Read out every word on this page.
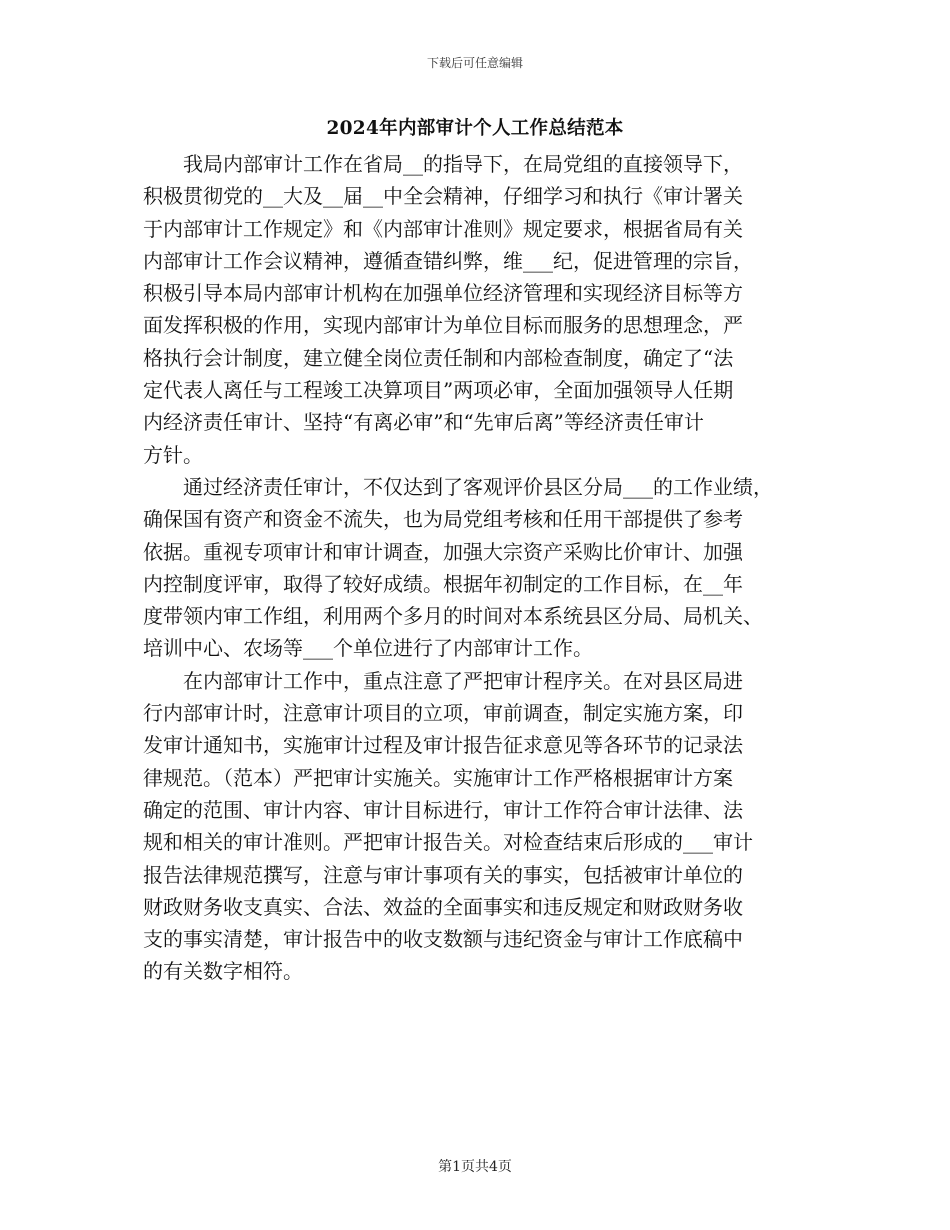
下载后可任意编辑
2024年内部审计个人工作总结范本
我局内部审计工作在省局__的指导下，在局党组的直接领导下，
积极贯彻党的__大及__届__中全会精神，仔细学习和执行《审计署关
于内部审计工作规定》和《内部审计准则》规定要求，根据省局有关
内部审计工作会议精神，遵循查错纠弊，维___纪，促进管理的宗旨，
积极引导本局内部审计机构在加强单位经济管理和实现经济目标等方
面发挥积极的作用，实现内部审计为单位目标而服务的思想理念，严
格执行会计制度，建立健全岗位责任制和内部检查制度，确定了“法
定代表人离任与工程竣工决算项目”两项必审，全面加强领导人任期
内经济责任审计、坚持“有离必审”和“先审后离”等经济责任审计
方针。
通过经济责任审计，不仅达到了客观评价县区分局___的工作业绩，
确保国有资产和资金不流失，也为局党组考核和任用干部提供了参考
依据。重视专项审计和审计调查，加强大宗资产采购比价审计、加强
内控制度评审，取得了较好成绩。根据年初制定的工作目标，在__年
度带领内审工作组，利用两个多月的时间对本系统县区分局、局机关、
培训中心、农场等___个单位进行了内部审计工作。
在内部审计工作中，重点注意了严把审计程序关。在对县区局进
行内部审计时，注意审计项目的立项，审前调查，制定实施方案，印
发审计通知书，实施审计过程及审计报告征求意见等各环节的记录法
律规范。（范本）严把审计实施关。实施审计工作严格根据审计方案
确定的范围、审计内容、审计目标进行，审计工作符合审计法律、法
规和相关的审计准则。严把审计报告关。对检查结束后形成的___审计
报告法律规范撰写，注意与审计事项有关的事实，包括被审计单位的
财政财务收支真实、合法、效益的全面事实和违反规定和财政财务收
支的事实清楚，审计报告中的收支数额与违纪资金与审计工作底稿中
的有关数字相符。
第1页共4页
